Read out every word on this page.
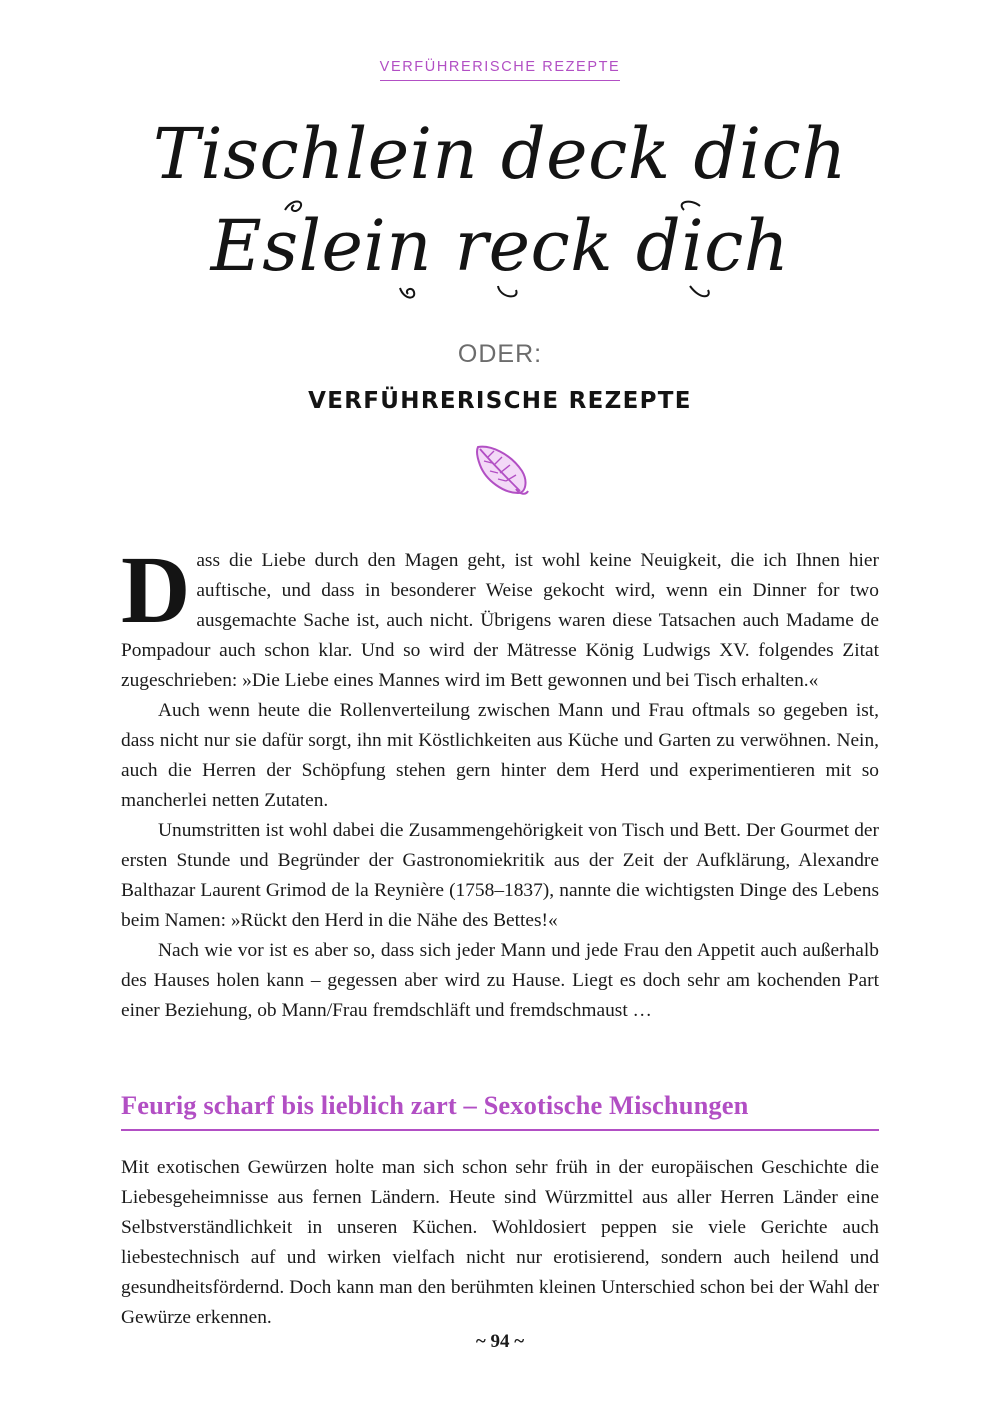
VERFÜHRERISCHE REZEPTE
Tischlein deck dich
Eslein reck dich
ODER:
VERFÜHRERISCHE REZEPTE

Dass die Liebe durch den Magen geht, ist wohl keine Neuigkeit, die ich Ihnen hier auftische, und dass in besonderer Weise gekocht wird, wenn ein Dinner for two ausgemachte Sache ist, auch nicht. Übrigens waren diese Tatsachen auch Madame de Pompadour auch schon klar. Und so wird der Mätresse König Ludwigs XV. folgendes Zitat zugeschrieben: »Die Liebe eines Mannes wird im Bett gewonnen und bei Tisch erhalten.«

Auch wenn heute die Rollenverteilung zwischen Mann und Frau oftmals so gegeben ist, dass nicht nur sie dafür sorgt, ihn mit Köstlichkeiten aus Küche und Garten zu verwöhnen. Nein, auch die Herren der Schöpfung stehen gern hinter dem Herd und experimentieren mit so mancherlei netten Zutaten.

Unumstritten ist wohl dabei die Zusammengehörigkeit von Tisch und Bett. Der Gourmet der ersten Stunde und Begründer der Gastronomiekritik aus der Zeit der Aufklärung, Alexandre Balthazar Laurent Grimod de la Reynière (1758–1837), nannte die wichtigsten Dinge des Lebens beim Namen: »Rückt den Herd in die Nähe des Bettes!«

Nach wie vor ist es aber so, dass sich jeder Mann und jede Frau den Appetit auch außerhalb des Hauses holen kann – gegessen aber wird zu Hause. Liegt es doch sehr am kochenden Part einer Beziehung, ob Mann/Frau fremdschläft und fremdschmaust …

Feurig scharf bis lieblich zart – Sexotische Mischungen

Mit exotischen Gewürzen holte man sich schon sehr früh in der europäischen Geschichte die Liebesgeheimnisse aus fernen Ländern. Heute sind Würzmittel aus aller Herren Länder eine Selbstverständlichkeit in unseren Küchen. Wohldosiert peppen sie viele Gerichte auch liebestechnisch auf und wirken vielfach nicht nur erotisierend, sondern auch heilend und gesundheitsfördernd. Doch kann man den berühmten kleinen Unterschied schon bei der Wahl der Gewürze erkennen.

~ 94 ~
